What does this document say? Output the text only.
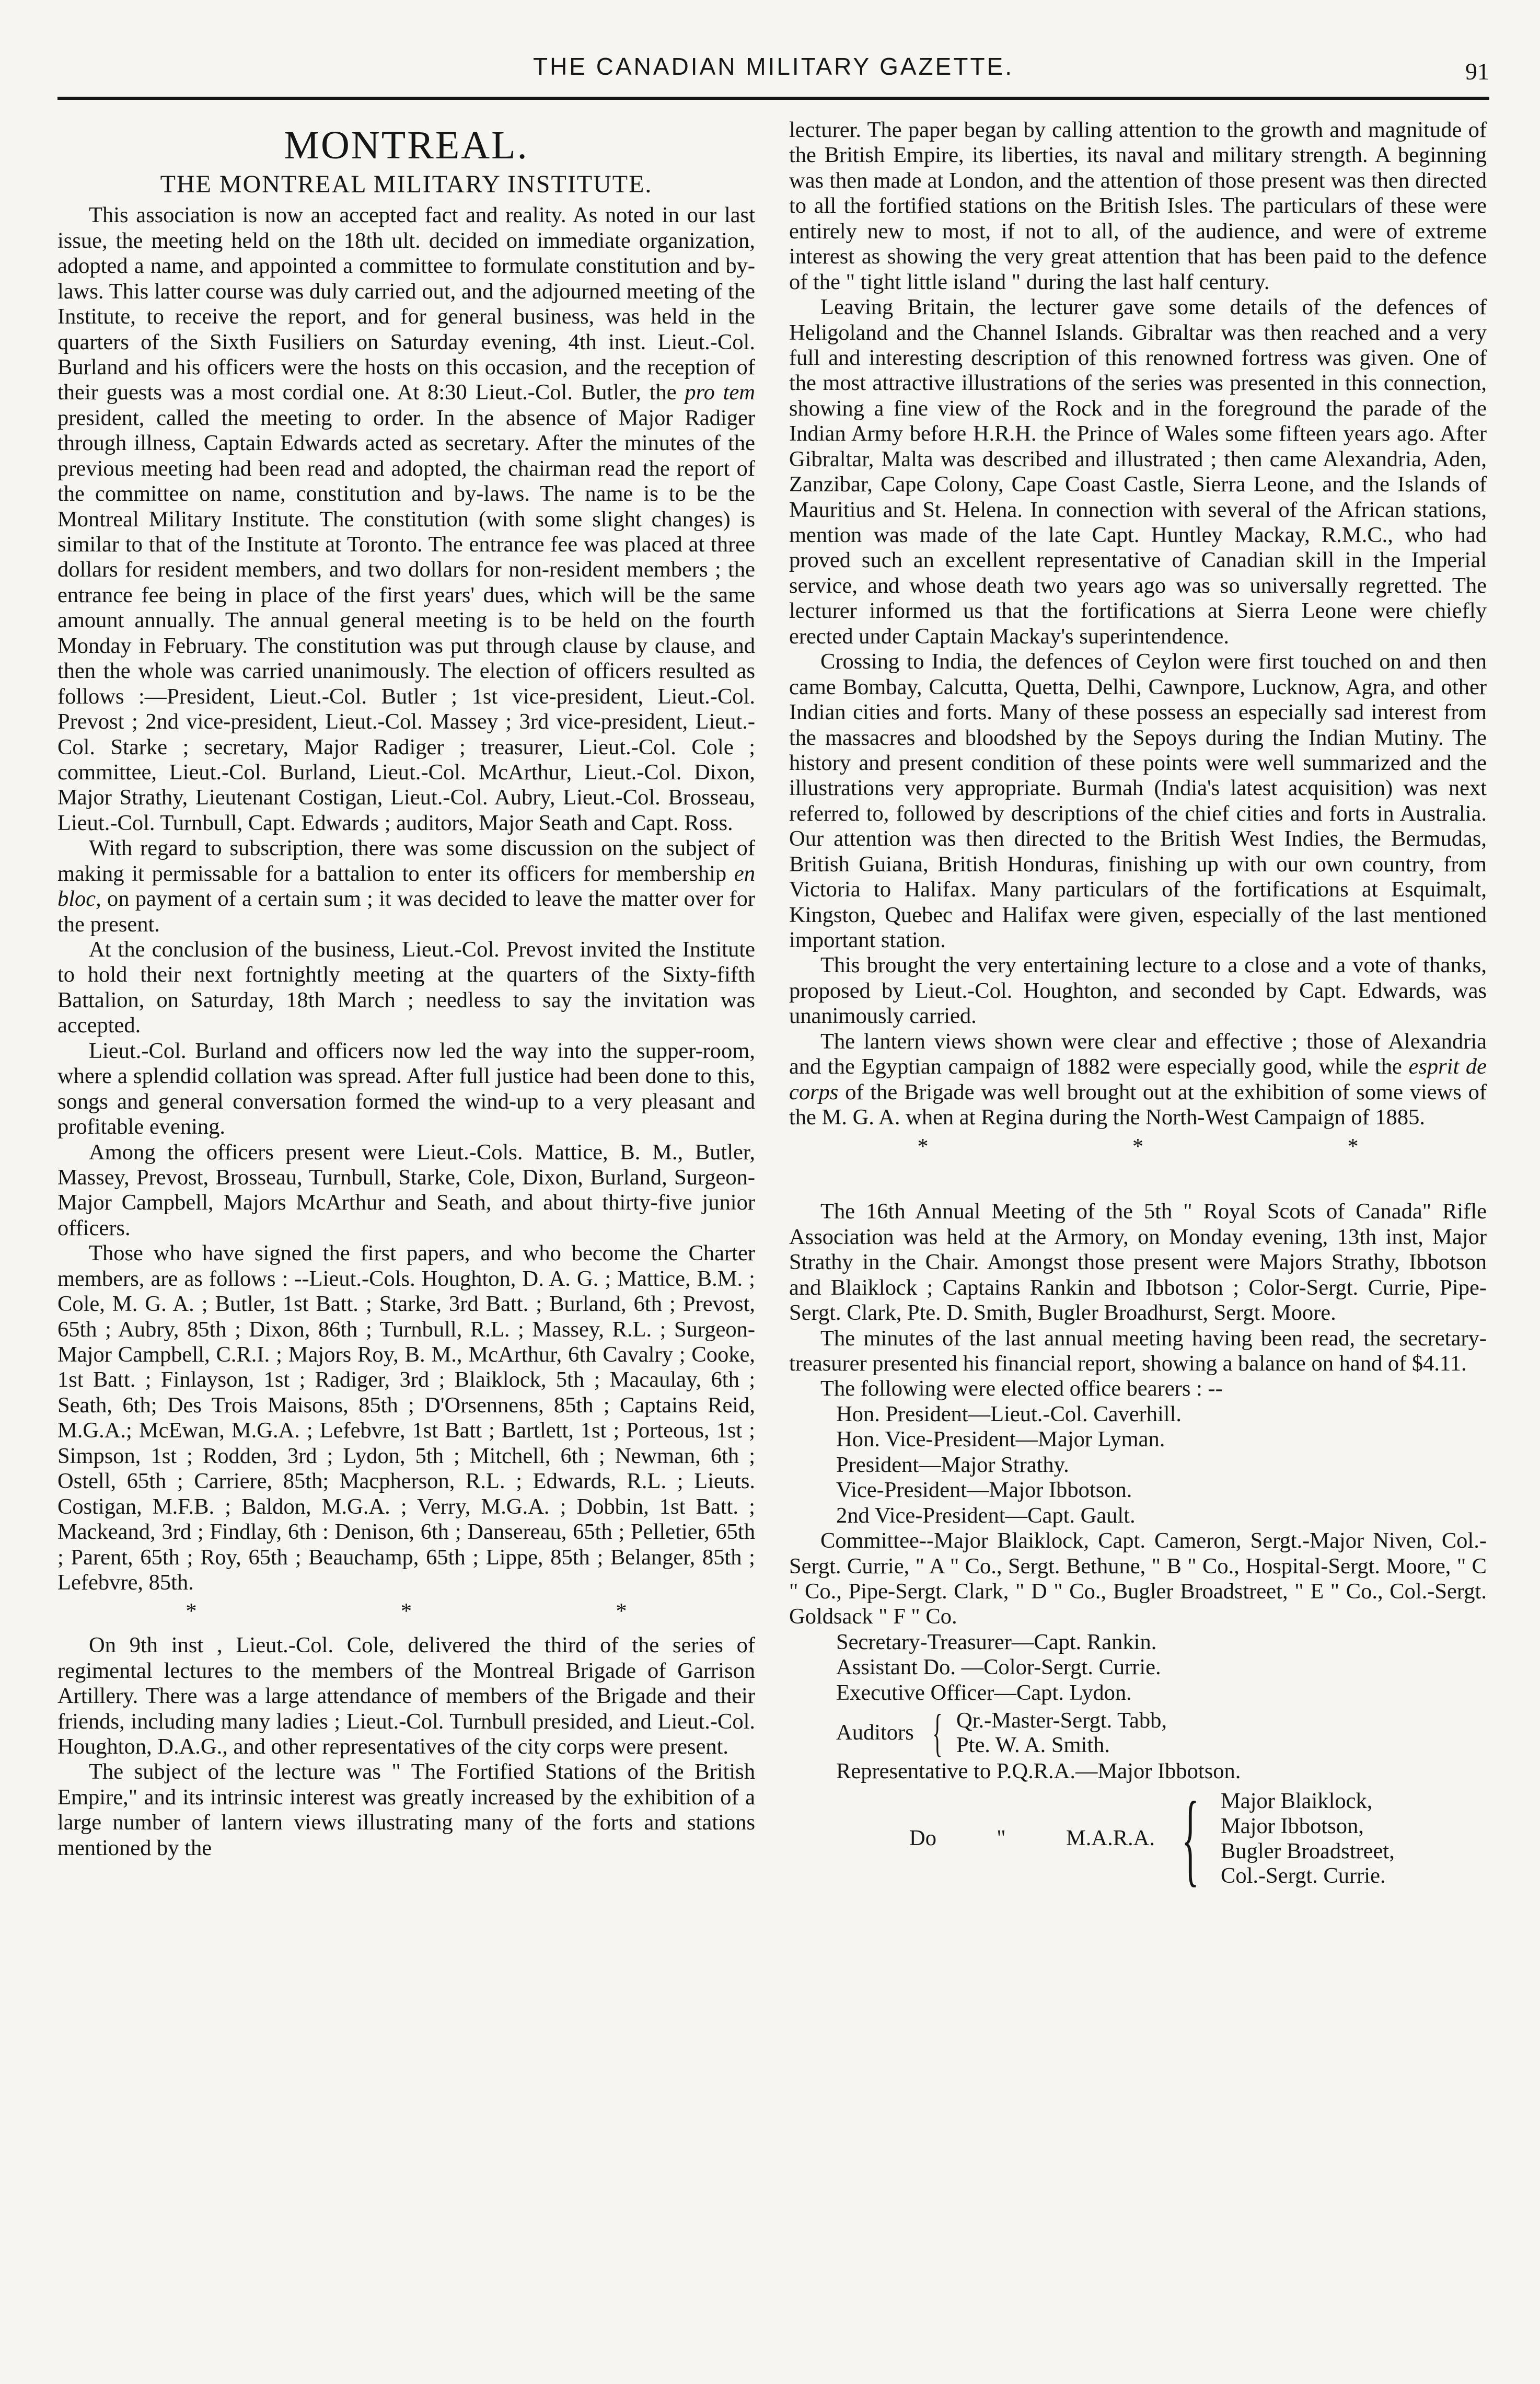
THE CANADIAN MILITARY GAZETTE.	91
MONTREAL.
THE MONTREAL MILITARY INSTITUTE.

This association is now an accepted fact and reality. As noted in our last issue, the meeting held on the 18th ult. decided on immediate organization, adopted a name, and appointed a committee to formulate constitution and by-laws. This latter course was duly carried out, and the adjourned meeting of the Institute, to receive the report, and for general business, was held in the quarters of the Sixth Fusiliers on Saturday evening, 4th inst. Lieut.-Col. Burland and his officers were the hosts on this occasion, and the reception of their guests was a most cordial one. At 8:30 Lieut.-Col. Butler, the pro tem president, called the meeting to order. In the absence of Major Radiger through illness, Captain Edwards acted as secretary. After the minutes of the previous meeting had been read and adopted, the chairman read the report of the committee on name, constitution and by-laws. The name is to be the Montreal Military Institute. The constitution (with some slight changes) is similar to that of the Institute at Toronto. The entrance fee was placed at three dollars for resident members, and two dollars for non-resident members ; the entrance fee being in place of the first years' dues, which will be the same amount annually. The annual general meeting is to be held on the fourth Monday in February. The constitution was put through clause by clause, and then the whole was carried unanimously. The election of officers resulted as follows :—President, Lieut.-Col. Butler ; 1st vice-president, Lieut.-Col. Prevost ; 2nd vice-president, Lieut.-Col. Massey ; 3rd vice-president, Lieut.-Col. Starke ; secretary, Major Radiger ; treasurer, Lieut.-Col. Cole ; committee, Lieut.-Col. Burland, Lieut.-Col. McArthur, Lieut.-Col. Dixon, Major Strathy, Lieutenant Costigan, Lieut.-Col. Aubry, Lieut.-Col. Brosseau, Lieut.-Col. Turnbull, Capt. Edwards ; auditors, Major Seath and Capt. Ross.

With regard to subscription, there was some discussion on the subject of making it permissable for a battalion to enter its officers for membership en bloc, on payment of a certain sum ; it was decided to leave the matter over for the present.

At the conclusion of the business, Lieut.-Col. Prevost invited the Institute to hold their next fortnightly meeting at the quarters of the Sixty-fifth Battalion, on Saturday, 18th March ; needless to say the invitation was accepted.

Lieut.-Col. Burland and officers now led the way into the supper-room, where a splendid collation was spread. After full justice had been done to this, songs and general conversation formed the wind-up to a very pleasant and profitable evening.

Among the officers present were Lieut.-Cols. Mattice, B. M., Butler, Massey, Prevost, Brosseau, Turnbull, Starke, Cole, Dixon, Burland, Surgeon-Major Campbell, Majors McArthur and Seath, and about thirty-five junior officers.

Those who have signed the first papers, and who become the Charter members, are as follows : --Lieut.-Cols. Houghton, D. A. G. ; Mattice, B.M. ; Cole, M. G. A. ; Butler, 1st Batt. ; Starke, 3rd Batt. ; Burland, 6th ; Prevost, 65th ; Aubry, 85th ; Dixon, 86th ; Turnbull, R.L. ; Massey, R.L. ; Surgeon-Major Campbell, C.R.I. ; Majors Roy, B. M., McArthur, 6th Cavalry ; Cooke, 1st Batt. ; Finlayson, 1st ; Radiger, 3rd ; Blaiklock, 5th ; Macaulay, 6th ; Seath, 6th; Des Trois Maisons, 85th ; D'Orsennens, 85th ; Captains Reid, M.G.A.; McEwan, M.G.A. ; Lefebvre, 1st Batt ; Bartlett, 1st ; Porteous, 1st ; Simpson, 1st ; Rodden, 3rd ; Lydon, 5th ; Mitchell, 6th ; Newman, 6th ; Ostell, 65th ; Carriere, 85th; Macpherson, R.L. ; Edwards, R.L. ; Lieuts. Costigan, M.F.B. ; Baldon, M.G.A. ; Verry, M.G.A. ; Dobbin, 1st Batt. ; Mackeand, 3rd ; Findlay, 6th : Denison, 6th ; Dansereau, 65th ; Pelletier, 65th ; Parent, 65th ; Roy, 65th ; Beauchamp, 65th ; Lippe, 85th ; Belanger, 85th ; Lefebvre, 85th.

* * *

On 9th inst , Lieut.-Col. Cole, delivered the third of the series of regimental lectures to the members of the Montreal Brigade of Garrison Artillery. There was a large attendance of members of the Brigade and their friends, including many ladies ; Lieut.-Col. Turnbull presided, and Lieut.-Col. Houghton, D.A.G., and other representatives of the city corps were present.

The subject of the lecture was " The Fortified Stations of the British Empire," and its intrinsic interest was greatly increased by the exhibition of a large number of lantern views illustrating many of the forts and stations mentioned by the

lecturer. The paper began by calling attention to the growth and magnitude of the British Empire, its liberties, its naval and military strength. A beginning was then made at London, and the attention of those present was then directed to all the fortified stations on the British Isles. The particulars of these were entirely new to most, if not to all, of the audience, and were of extreme interest as showing the very great attention that has been paid to the defence of the " tight little island " during the last half century.

Leaving Britain, the lecturer gave some details of the defences of Heligoland and the Channel Islands. Gibraltar was then reached and a very full and interesting description of this renowned fortress was given. One of the most attractive illustrations of the series was presented in this connection, showing a fine view of the Rock and in the foreground the parade of the Indian Army before H.R.H. the Prince of Wales some fifteen years ago. After Gibraltar, Malta was described and illustrated ; then came Alexandria, Aden, Zanzibar, Cape Colony, Cape Coast Castle, Sierra Leone, and the Islands of Mauritius and St. Helena. In connection with several of the African stations, mention was made of the late Capt. Huntley Mackay, R.M.C., who had proved such an excellent representative of Canadian skill in the Imperial service, and whose death two years ago was so universally regretted. The lecturer informed us that the fortifications at Sierra Leone were chiefly erected under Captain Mackay's superintendence.

Crossing to India, the defences of Ceylon were first touched on and then came Bombay, Calcutta, Quetta, Delhi, Cawnpore, Lucknow, Agra, and other Indian cities and forts. Many of these possess an especially sad interest from the massacres and bloodshed by the Sepoys during the Indian Mutiny. The history and present condition of these points were well summarized and the illustrations very appropriate. Burmah (India's latest acquisition) was next referred to, followed by descriptions of the chief cities and forts in Australia. Our attention was then directed to the British West Indies, the Bermudas, British Guiana, British Honduras, finishing up with our own country, from Victoria to Halifax. Many particulars of the fortifications at Esquimalt, Kingston, Quebec and Halifax were given, especially of the last mentioned important station.

This brought the very entertaining lecture to a close and a vote of thanks, proposed by Lieut.-Col. Houghton, and seconded by Capt. Edwards, was unanimously carried.

The lantern views shown were clear and effective ; those of Alexandria and the Egyptian campaign of 1882 were especially good, while the esprit de corps of the Brigade was well brought out at the exhibition of some views of the M. G. A. when at Regina during the North-West Campaign of 1885.

* * *

The 16th Annual Meeting of the 5th " Royal Scots of Canada" Rifle Association was held at the Armory, on Monday evening, 13th inst, Major Strathy in the Chair. Amongst those present were Majors Strathy, Ibbotson and Blaiklock ; Captains Rankin and Ibbotson ; Color-Sergt. Currie, Pipe-Sergt. Clark, Pte. D. Smith, Bugler Broadhurst, Sergt. Moore.

The minutes of the last annual meeting having been read, the secretary-treasurer presented his financial report, showing a balance on hand of $4.11.

The following were elected office bearers : --

Hon. President—Lieut.-Col. Caverhill.
Hon. Vice-President—Major Lyman.
President—Major Strathy.
Vice-President—Major Ibbotson.
2nd Vice-President—Capt. Gault.

Committee--Major Blaiklock, Capt. Cameron, Sergt.-Major Niven, Col.-Sergt. Currie, " A " Co., Sergt. Bethune, " B " Co., Hospital-Sergt. Moore, " C " Co., Pipe-Sergt. Clark, " D " Co., Bugler Broadstreet, " E " Co., Col.-Sergt. Goldsack " F " Co.

Secretary-Treasurer—Capt. Rankin.
Assistant Do. —Color-Sergt. Currie.
Executive Officer—Capt. Lydon.
Auditors { Qr.-Master-Sergt. Tabb,
Pte. W. A. Smith.
Representative to P.Q.R.A.—Major Ibbotson.
Do	"	M.A.R.A. { Major Blaiklock,
Major Ibbotson,
Bugler Broadstreet,
Col.-Sergt. Currie.
